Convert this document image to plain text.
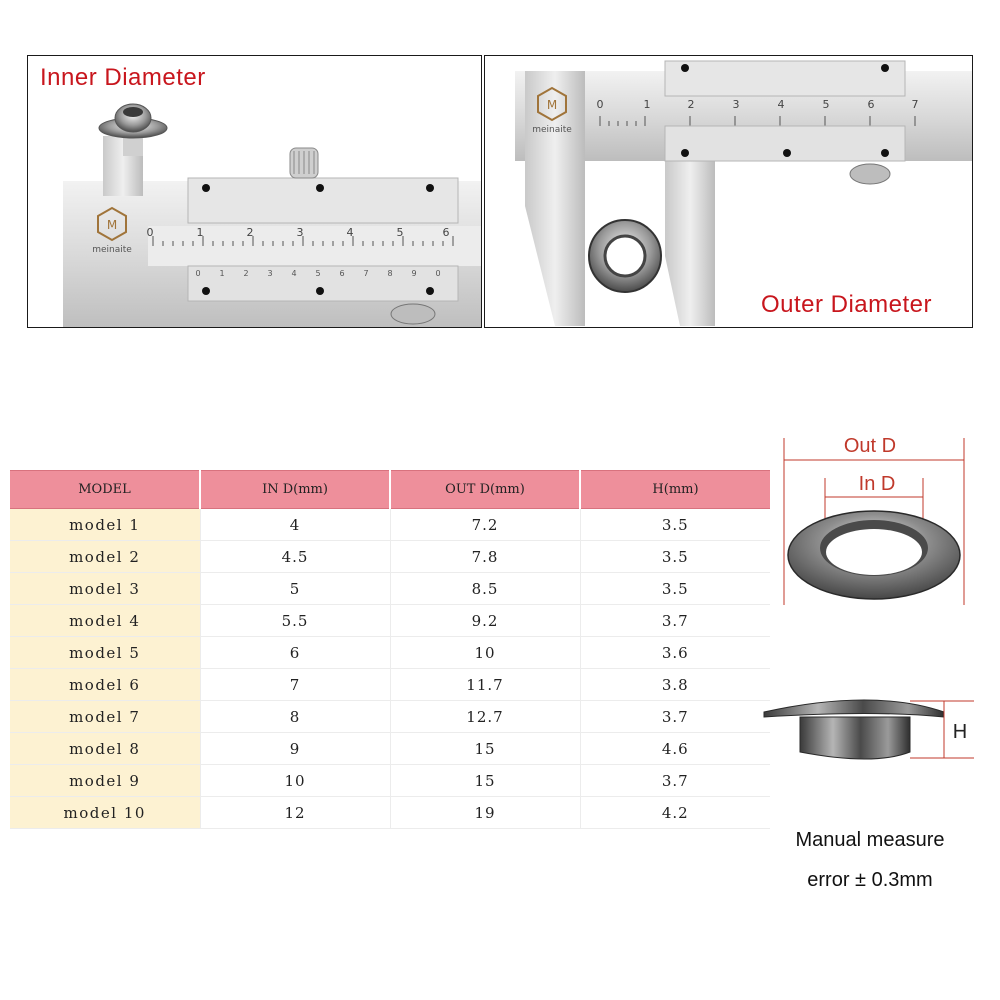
0	1	2	3	4	5	6
0 1 2 3 4 5 6 7 8 9 0
M
meinaite
Inner Diameter
0	1	2	3	4	5	6	7
M
meinaite
Outer Diameter
MODEL	IN D(mm)	OUT D(mm)	H(mm)
model 1	4	7.2	3.5
model 2	4.5	7.8	3.5
model 3	5	8.5	3.5
model 4	5.5	9.2	3.7
model 5	6	10	3.6
model 6	7	11.7	3.8
model 7	8	12.7	3.7
model 8	9	15	4.6
model 9	10	15	3.7
model 10	12	19	4.2
Out D
In D
H
Manual measure
error ± 0.3mm
